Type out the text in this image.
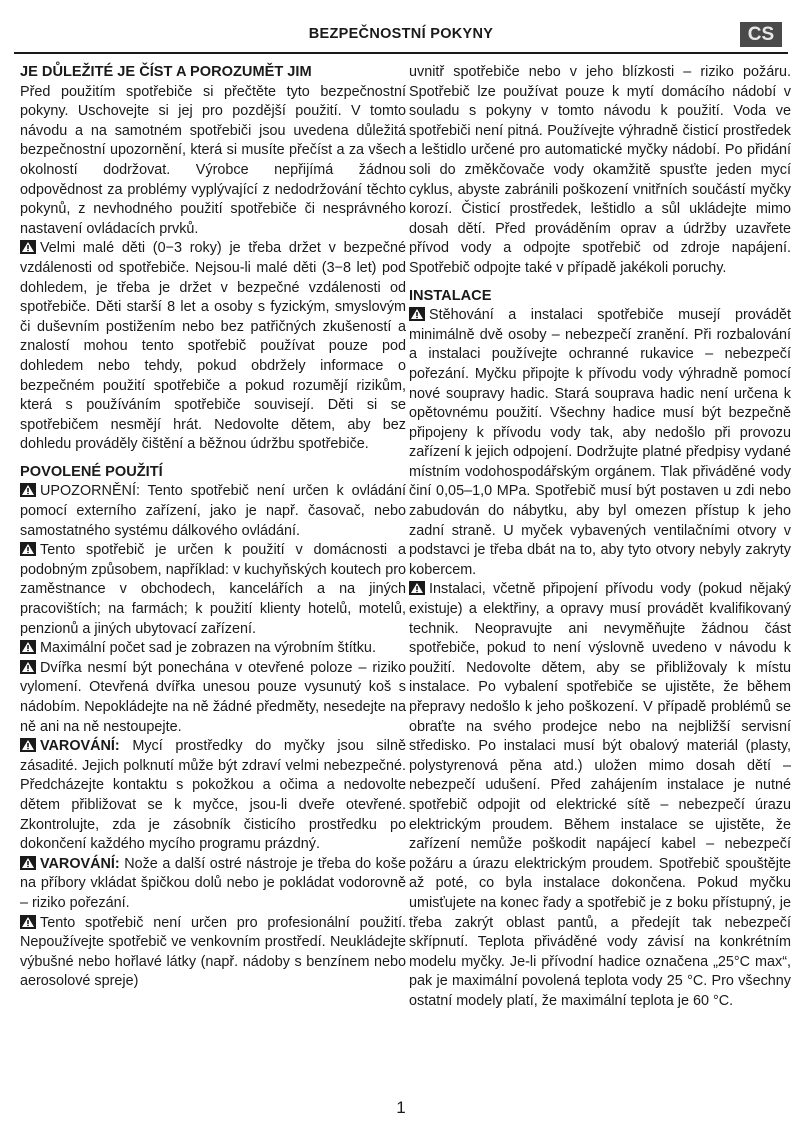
BEZPEČNOSTNÍ POKYNY	CS
JE DŮLEŽITÉ JE ČÍST A POROZUMĚT JIM

Před použitím spotřebiče si přečtěte tyto bezpečnostní pokyny. Uschovejte si jej pro pozdější použití. V tomto návodu a na samotném spotřebiči jsou uvedena důležitá bezpečnostní upozornění, která si musíte přečíst a za všech okolností dodržovat. Výrobce nepřijímá žádnou odpovědnost za problémy vyplývající z nedodržování těchto pokynů, z nevhodného použití spotřebiče či nesprávného nastavení ovládacích prvků.

Velmi malé děti (0−3 roky) je třeba držet v bezpečné vzdálenosti od spotřebiče. Nejsou-li malé děti (3−8 let) pod dohledem, je třeba je držet v bezpečné vzdálenosti od spotřebiče. Děti starší 8 let a osoby s fyzickým, smyslovým či duševním postižením nebo bez patřičných zkušeností a znalostí mohou tento spotřebič používat pouze pod dohledem nebo tehdy, pokud obdržely informace o bezpečném použití spotřebiče a pokud rozumějí rizikům, která s používáním spotřebiče souvisejí. Děti si se spotřebičem nesmějí hrát. Nedovolte dětem, aby bez dohledu prováděly čištění a běžnou údržbu spotřebiče.

POVOLENÉ POUŽITÍ

UPOZORNĚNÍ: Tento spotřebič není určen k ovládání pomocí externího zařízení, jako je např. časovač, nebo samostatného systému dálkového ovládání.

Tento spotřebič je určen k použití v domácnosti a podobným způsobem, například: v kuchyňských koutech pro zaměstnance v obchodech, kancelářích a na jiných pracovištích; na farmách; k použití klienty hotelů, motelů, penzionů a jiných ubytovací zařízení.

Maximální počet sad je zobrazen na výrobním štítku.

Dvířka nesmí být ponechána v otevřené poloze – riziko vylomení. Otevřená dvířka unesou pouze vysunutý koš s nádobím. Nepokládejte na ně žádné předměty, nesedejte na ně ani na ně nestoupejte.

VAROVÁNÍ: Mycí prostředky do myčky jsou silně zásadité. Jejich polknutí může být zdraví velmi nebezpečné. Předcházejte kontaktu s pokožkou a očima a nedovolte dětem přibližovat se k myčce, jsou-li dveře otevřené. Zkontrolujte, zda je zásobník čisticího prostředku po dokončení každého mycího programu prázdný.

VAROVÁNÍ: Nože a další ostré nástroje je třeba do koše na příbory vkládat špičkou dolů nebo je pokládat vodorovně – riziko pořezání.

Tento spotřebič není určen pro profesionální použití. Nepoužívejte spotřebič ve venkovním prostředí. Neukládejte výbušné nebo hořlavé látky (např. nádoby s benzínem nebo aerosolové spreje)

uvnitř spotřebiče nebo v jeho blízkosti – riziko požáru. Spotřebič lze používat pouze k mytí domácího nádobí v souladu s pokyny v tomto návodu k použití. Voda ve spotřebiči není pitná. Používejte výhradně čisticí prostředek a leštidlo určené pro automatické myčky nádobí. Po přidání soli do změkčovače vody okamžitě spusťte jeden mycí cyklus, abyste zabránili poškození vnitřních součástí myčky korozí. Čisticí prostředek, leštidlo a sůl ukládejte mimo dosah dětí. Před prováděním oprav a údržby uzavřete přívod vody a odpojte spotřebič od zdroje napájení. Spotřebič odpojte také v případě jakékoli poruchy.

INSTALACE

Stěhování a instalaci spotřebiče musejí provádět minimálně dvě osoby – nebezpečí zranění. Při rozbalování a instalaci používejte ochranné rukavice – nebezpečí pořezání. Myčku připojte k přívodu vody výhradně pomocí nové soupravy hadic. Stará souprava hadic není určena k opětovnému použití. Všechny hadice musí být bezpečně připojeny k přívodu vody tak, aby nedošlo při provozu zařízení k jejich odpojení. Dodržujte platné předpisy vydané místním vodohospodářským orgánem. Tlak přiváděné vody činí 0,05–1,0 MPa. Spotřebič musí být postaven u zdi nebo zabudován do nábytku, aby byl omezen přístup k jeho zadní straně. U myček vybavených ventilačními otvory v podstavci je třeba dbát na to, aby tyto otvory nebyly zakryty kobercem.

Instalaci, včetně připojení přívodu vody (pokud nějaký existuje) a elektřiny, a opravy musí provádět kvalifikovaný technik. Neopravujte ani nevyměňujte žádnou část spotřebiče, pokud to není výslovně uvedeno v návodu k použití. Nedovolte dětem, aby se přibližovaly k místu instalace. Po vybalení spotřebiče se ujistěte, že během přepravy nedošlo k jeho poškození. V případě problémů se obraťte na svého prodejce nebo na nejbližší servisní středisko. Po instalaci musí být obalový materiál (plasty, polystyrenová pěna atd.) uložen mimo dosah dětí – nebezpečí udušení. Před zahájením instalace je nutné spotřebič odpojit od elektrické sítě – nebezpečí úrazu elektrickým proudem. Během instalace se ujistěte, že zařízení nemůže poškodit napájecí kabel – nebezpečí požáru a úrazu elektrickým proudem. Spotřebič spouštějte až poté, co byla instalace dokončena. Pokud myčku umisťujete na konec řady a spotřebič je z boku přístupný, je třeba zakrýt oblast pantů, a předejít tak nebezpečí skřípnutí. Teplota přiváděné vody závisí na konkrétním modelu myčky. Je-li přívodní hadice označena „25°C max“, pak je maximální povolená teplota vody 25 °C. Pro všechny ostatní modely platí, že maximální teplota je 60 °C.

1
